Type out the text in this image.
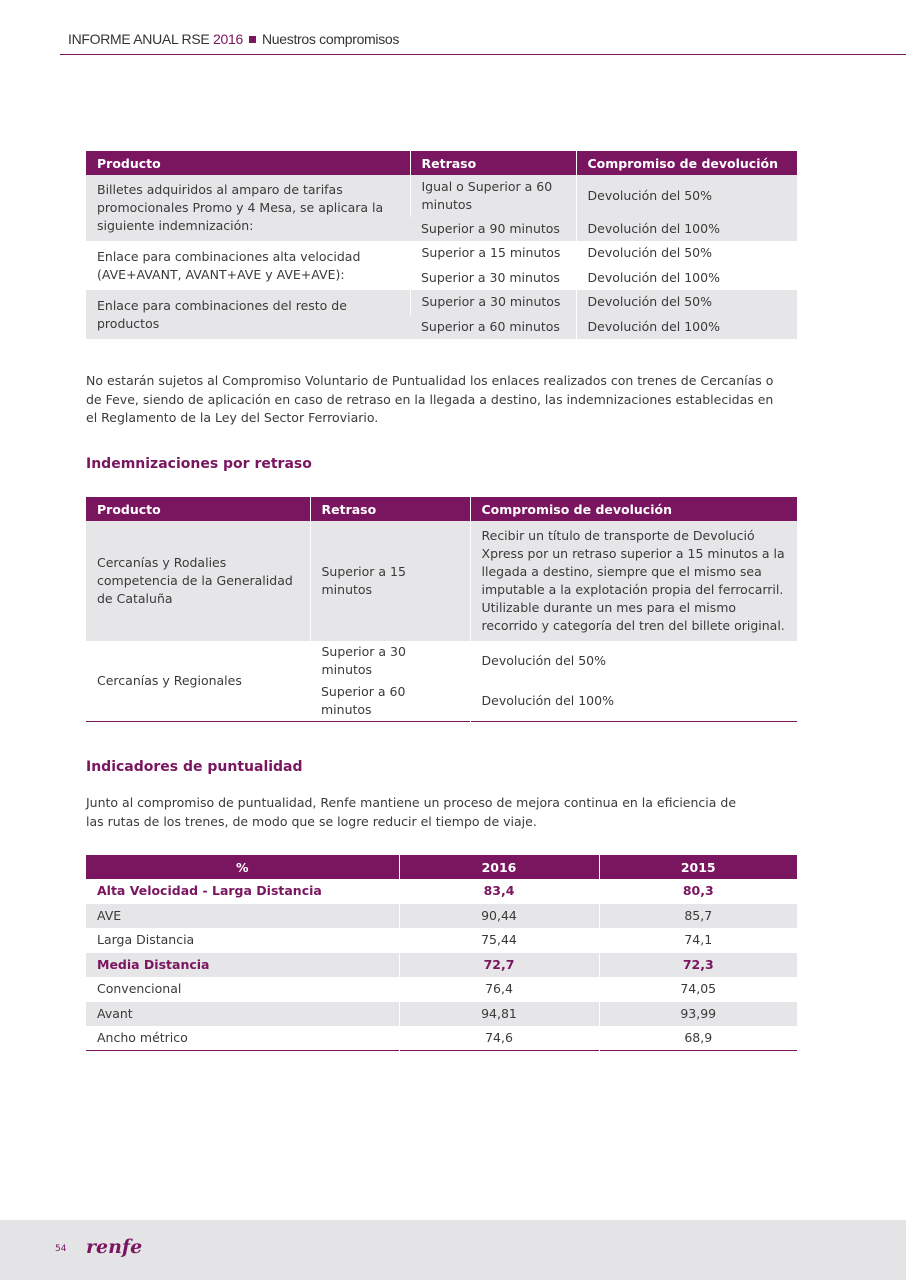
INFORME ANUAL RSE 2016 Nuestros compromisos
Producto	Retraso	Compromiso de devolución
Billetes adquiridos al amparo de tarifas promocionales Promo y 4 Mesa, se aplicara la siguiente indemnización:	Igual o Superior a 60 minutos	Devolución del 50%
	Superior a 90 minutos	Devolución del 100%
Enlace para combinaciones alta velocidad (AVE+AVANT, AVANT+AVE y AVE+AVE):	Superior a 15 minutos	Devolución del 50%
	Superior a 30 minutos	Devolución del 100%
Enlace para combinaciones del resto de productos	Superior a 30 minutos	Devolución del 50%
	Superior a 60 minutos	Devolución del 100%

No estarán sujetos al Compromiso Voluntario de Puntualidad los enlaces realizados con trenes de Cercanías o de Feve, siendo de aplicación en caso de retraso en la llegada a destino, las indemnizaciones establecidas en el Reglamento de la Ley del Sector Ferroviario.

Indemnizaciones por retraso
Producto	Retraso	Compromiso de devolución
Cercanías y Rodalies competencia de la Generalidad de Cataluña	Superior a 15 minutos	Recibir un título de transporte de Devolució Xpress por un retraso superior a 15 minutos a la llegada a destino, siempre que el mismo sea imputable a la explotación propia del ferrocarril. Utilizable durante un mes para el mismo recorrido y categoría del tren del billete original.
Cercanías y Regionales	Superior a 30 minutos	Devolución del 50%
	Superior a 60 minutos	Devolución del 100%
Indicadores de puntualidad

Junto al compromiso de puntualidad, Renfe mantiene un proceso de mejora continua en la eficiencia de las rutas de los trenes, de modo que se logre reducir el tiempo de viaje.

%	2016	2015
Alta Velocidad - Larga Distancia	83,4	80,3
AVE	90,44	85,7
Larga Distancia	75,44	74,1
Media Distancia	72,7	72,3
Convencional	76,4	74,05
Avant	94,81	93,99
Ancho métrico	74,6	68,9
54 renfe
